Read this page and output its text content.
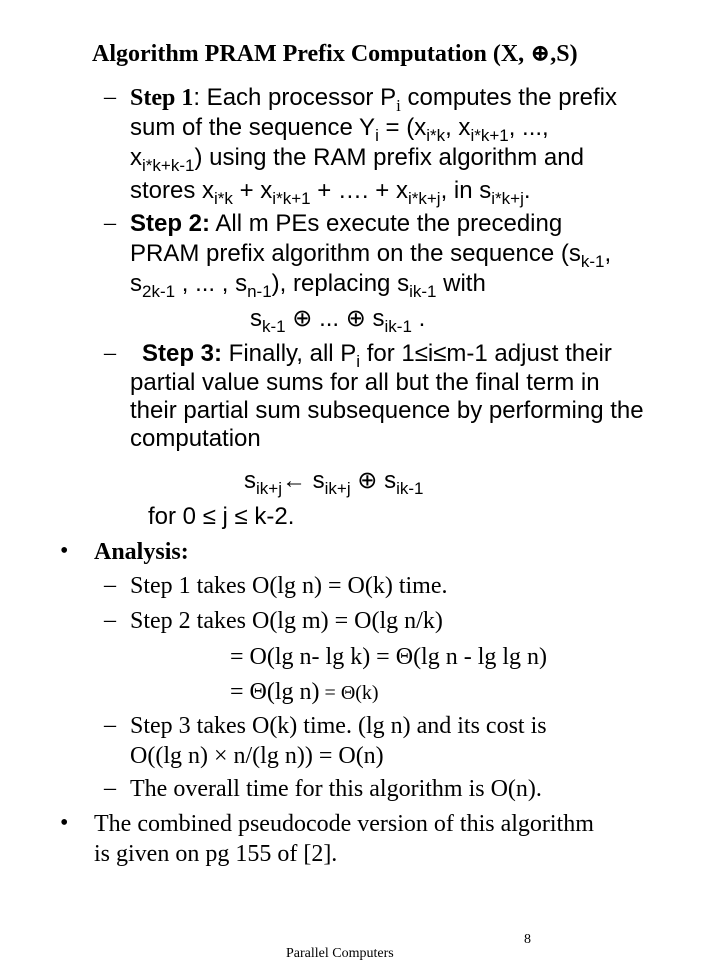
Algorithm PRAM Prefix Computation (X, ⊕,S)
– Step 1: Each processor $P_i$ computes the prefix
sum of the sequence $Y_i = (x_{i*k}$, $x_{i*k+1}$, ...,
$x_{i*k+k-1}$) using the RAM prefix algorithm and
stores $x_{i*k} + x_{i*k+1}$ + …. + $x_{i*k+j}$, in $s_{i*k+j}$.
– Step 2: All m PEs execute the preceding
PRAM prefix algorithm on the sequence ($s_{k-1}$,
$s_{2k-1}$ , ... , $s_{n-1}$), replacing $s_{ik-1}$ with
$s_{k-1}$ ⊕ ... ⊕ $s_{ik-1}$ .
– Step 3: Finally, all $P_i$ for 1≤i≤m-1 adjust their
partial value sums for all but the final term in
their partial sum subsequence by performing the
computation
$s_{ik+j}\leftarrow$ $s_{ik+j}$ ⊕ $s_{ik-1}$
for 0 ≤ j ≤ k-2.
• Analysis:
– Step 1 takes O(lg n) = O(k) time.
– Step 2 takes O(lg m) = O(lg n/k)
= O(lg n- lg k) = Θ(lg n - lg lg n)
= Θ(lg n) = Θ(k)
– Step 3 takes O(k) time. (lg n) and its cost is
O((lg n) × n/(lg n)) = O(n)
– The overall time for this algorithm is O(n).
• The combined pseudocode version of this algorithm
is given on pg 155 of [2].
8
Parallel Computers
